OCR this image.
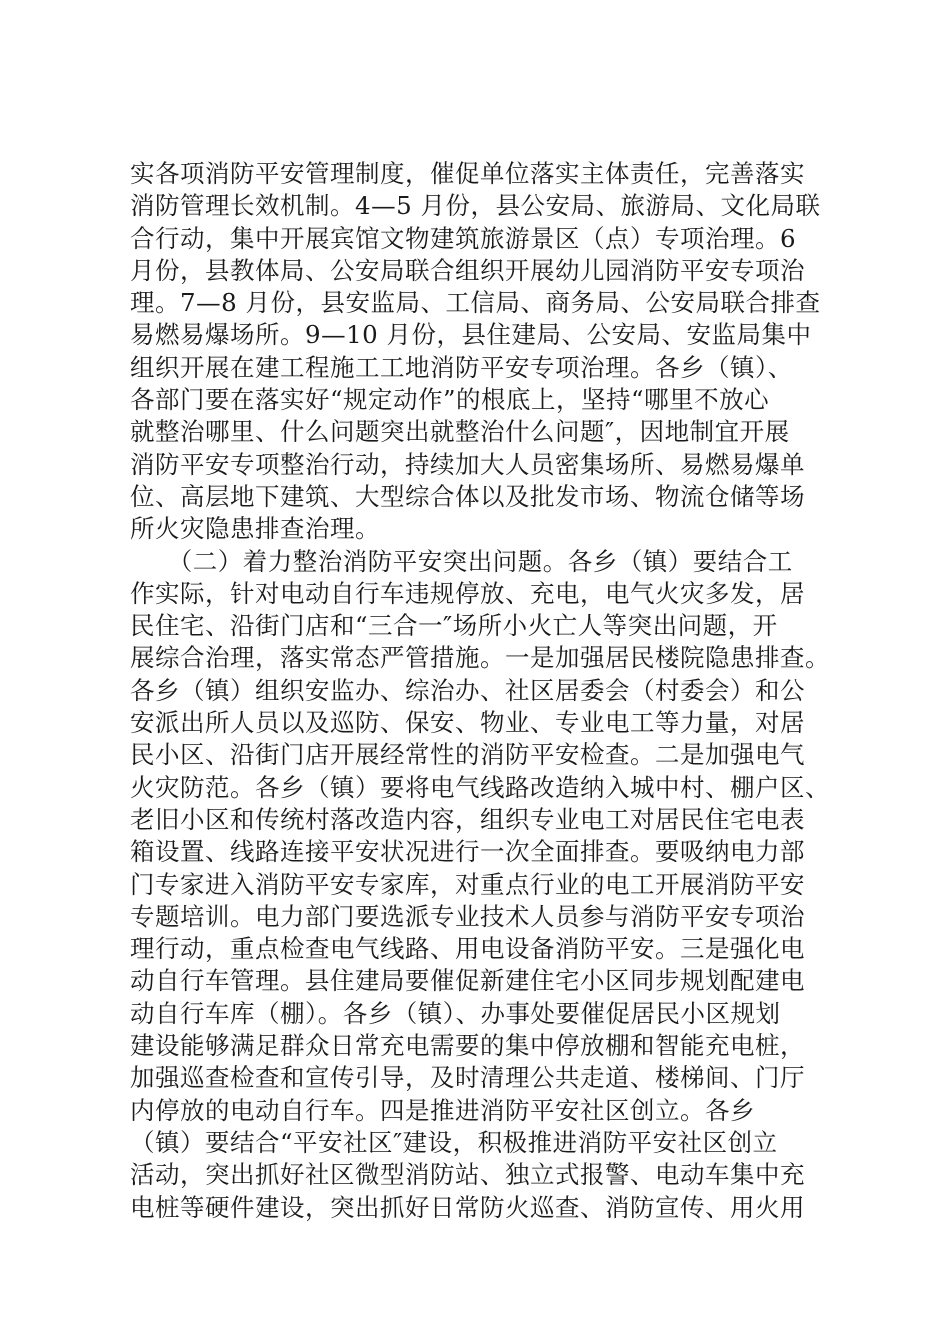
实各项消防平安管理制度，催促单位落实主体责任，完善落实
消防管理长效机制。4—5 月份，县公安局、旅游局、文化局联
合行动，集中开展宾馆文物建筑旅游景区（点）专项治理。6
月份，县教体局、公安局联合组织开展幼儿园消防平安专项治
理。7—8 月份，县安监局、工信局、商务局、公安局联合排查
易燃易爆场所。9—10 月份，县住建局、公安局、安监局集中
组织开展在建工程施工工地消防平安专项治理。各乡（镇）、
各部门要在落实好“规定动作”的根底上，坚持“哪里不放心
就整治哪里、什么问题突出就整治什么问题″，因地制宜开展
消防平安专项整治行动，持续加大人员密集场所、易燃易爆单
位、高层地下建筑、大型综合体以及批发市场、物流仓储等场
所火灾隐患排查治理。
　　（二）着力整治消防平安突出问题。各乡（镇）要结合工
作实际，针对电动自行车违规停放、充电，电气火灾多发，居
民住宅、沿街门店和“三合一″场所小火亡人等突出问题，开
展综合治理，落实常态严管措施。一是加强居民楼院隐患排查。
各乡（镇）组织安监办、综治办、社区居委会（村委会）和公
安派出所人员以及巡防、保安、物业、专业电工等力量，对居
民小区、沿街门店开展经常性的消防平安检查。二是加强电气
火灾防范。各乡（镇）要将电气线路改造纳入城中村、棚户区、
老旧小区和传统村落改造内容，组织专业电工对居民住宅电表
箱设置、线路连接平安状况进行一次全面排查。要吸纳电力部
门专家进入消防平安专家库，对重点行业的电工开展消防平安
专题培训。电力部门要选派专业技术人员参与消防平安专项治
理行动，重点检查电气线路、用电设备消防平安。三是强化电
动自行车管理。县住建局要催促新建住宅小区同步规划配建电
动自行车库（棚）。各乡（镇）、办事处要催促居民小区规划
建设能够满足群众日常充电需要的集中停放棚和智能充电桩，
加强巡查检查和宣传引导，及时清理公共走道、楼梯间、门厅
内停放的电动自行车。四是推进消防平安社区创立。各乡
（镇）要结合“平安社区″建设，积极推进消防平安社区创立
活动，突出抓好社区微型消防站、独立式报警、电动车集中充
电桩等硬件建设，突出抓好日常防火巡查、消防宣传、用火用
